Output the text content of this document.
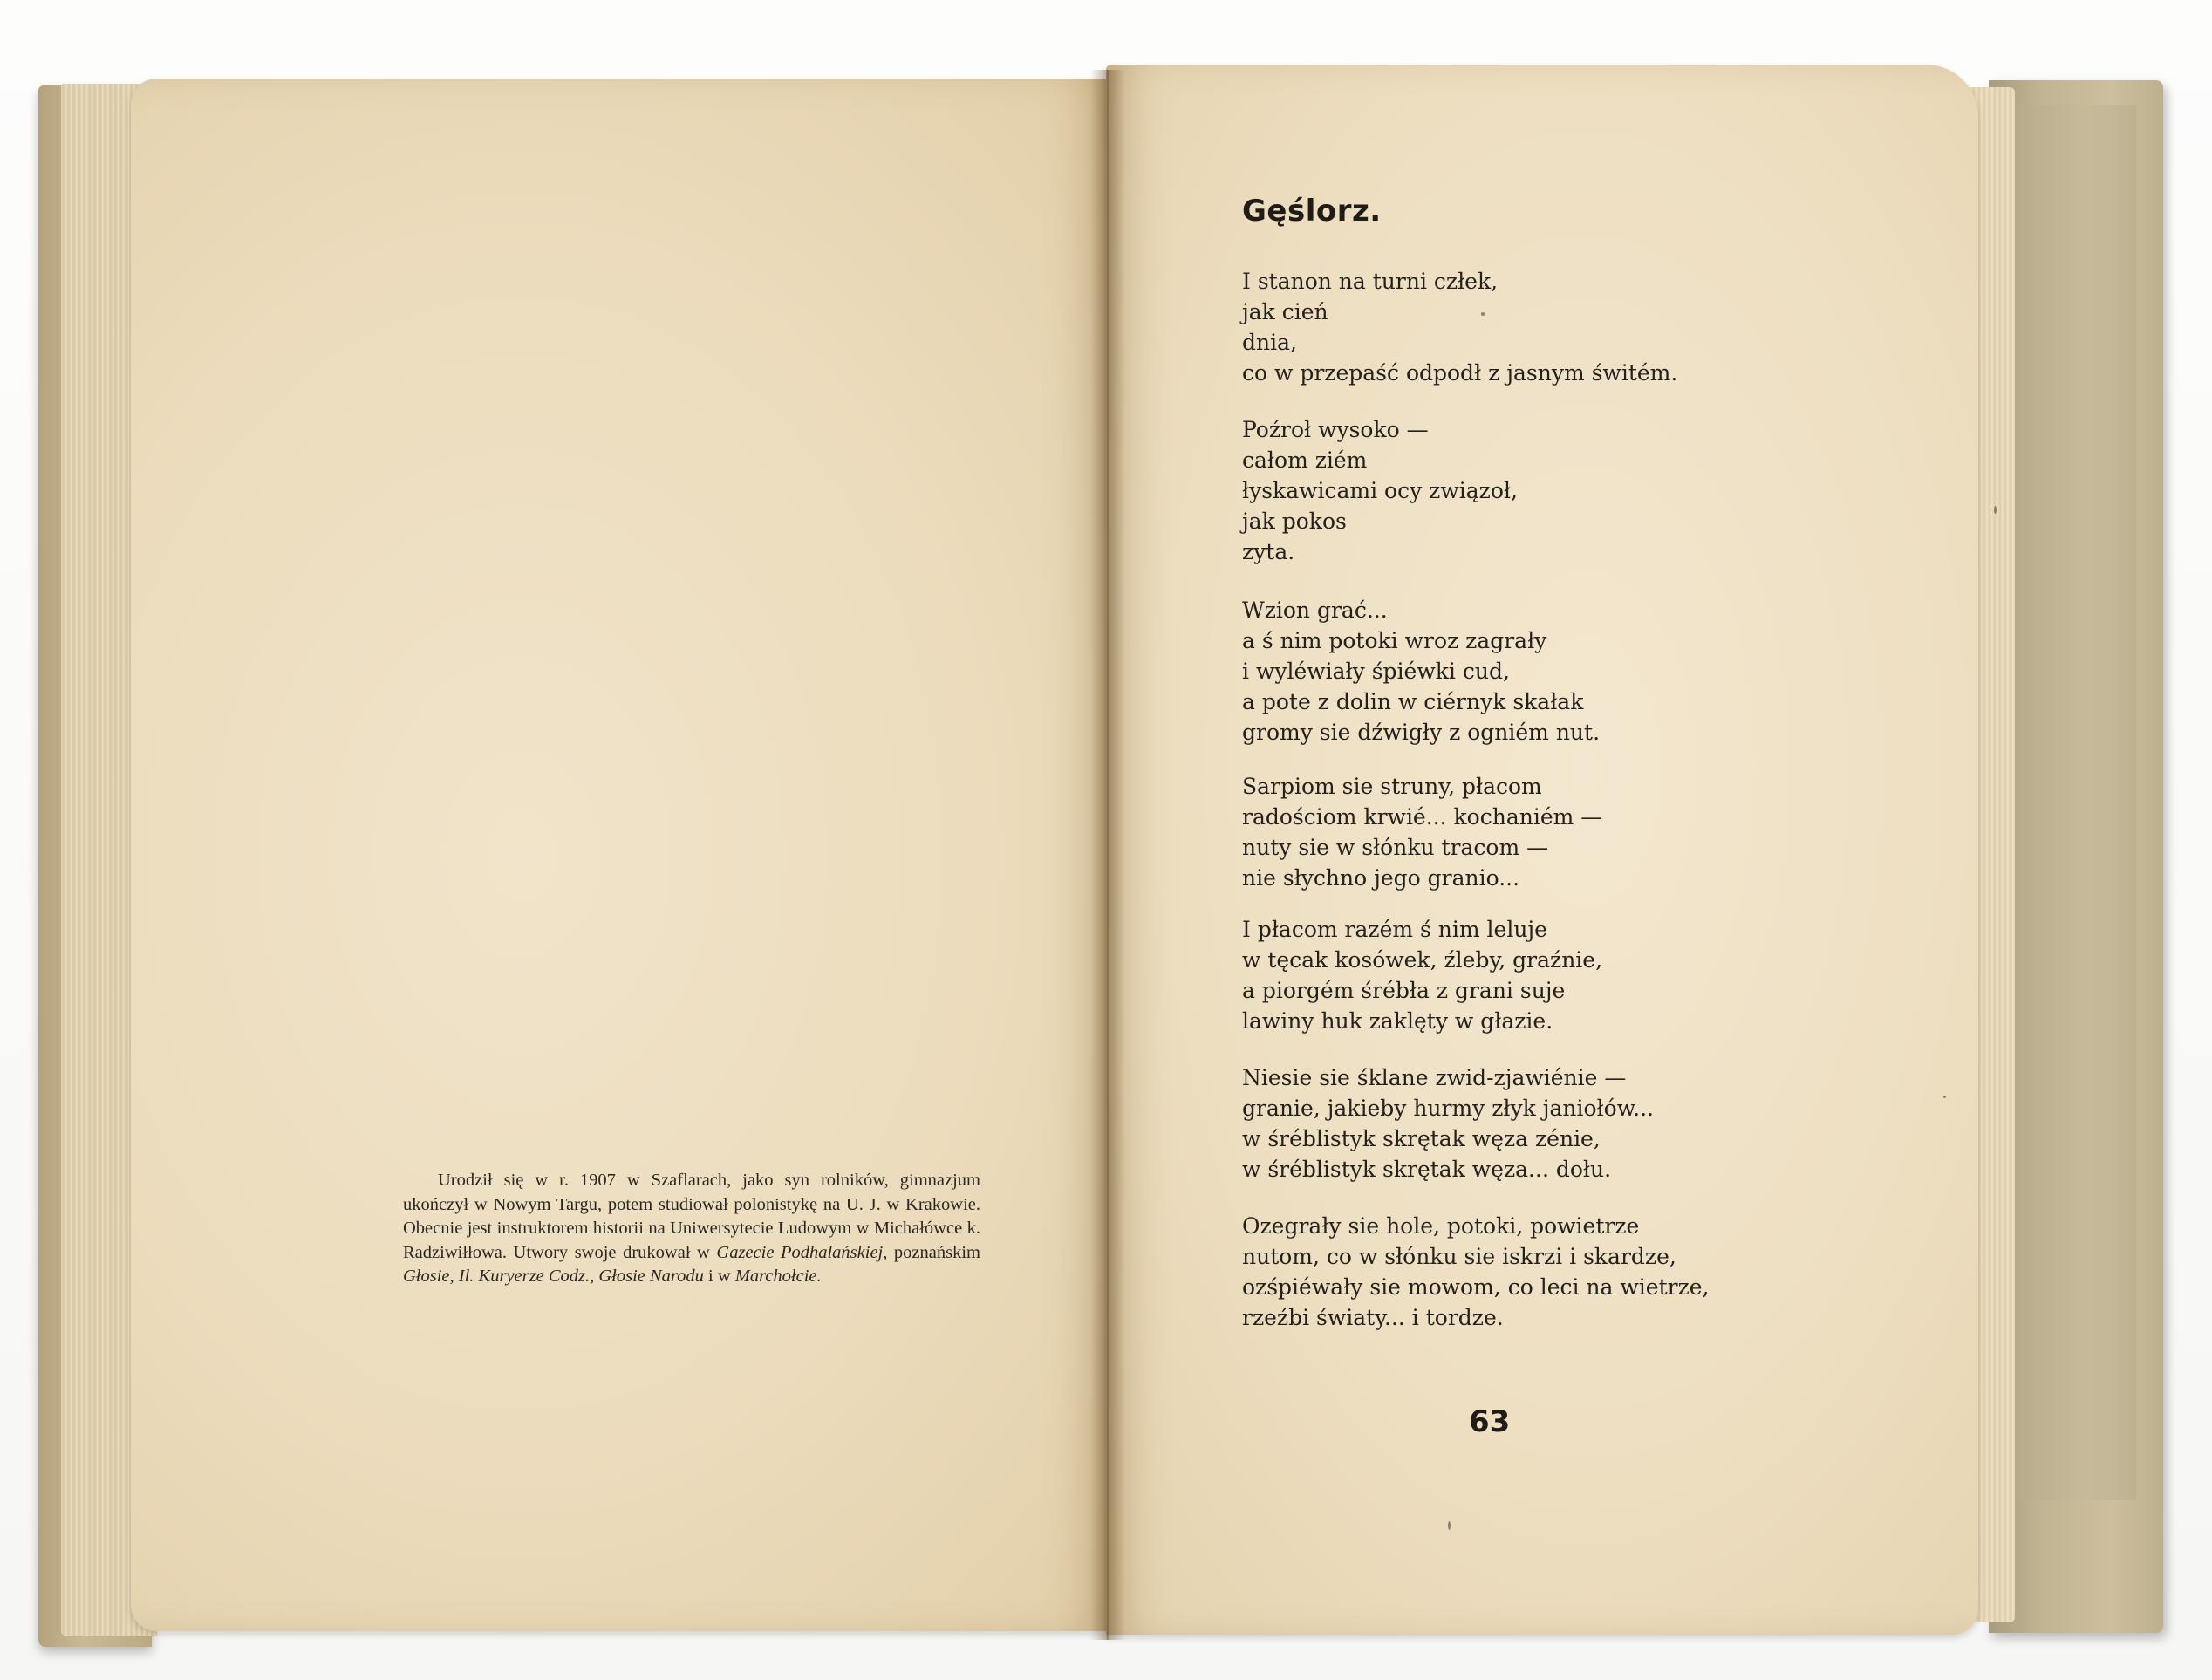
Urodził się w r. 1907 w Szaflarach, jako syn rolników, gimnazjum ukończył w Nowym Targu, potem studiował polonistykę na U. J. w Krakowie. Obecnie jest instruktorem historii na Uniwersytecie Ludowym w Michałówce k. Radziwiłłowa. Utwory swoje drukował w Gazecie Podhalańskiej, poznańskim Głosie, Il. Kuryerze Codz., Głosie Narodu i w Marchołcie.

Gęślorz.

I stanon na turni człek,
jak cień
dnia,
co w przepaść odpodł z jasnym świtém.

Poźroł wysoko —
całom ziém
łyskawicami ocy związoł,
jak pokos
zyta.

Wzion grać...
a ś nim potoki wroz zagrały
i wyléwiały śpiéwki cud,
a pote z dolin w ciérnyk skałak
gromy sie dźwigły z ogniém nut.

Sarpiom sie struny, płacom
radościom krwié... kochaniém —
nuty sie w słónku tracom —
nie słychno jego granio...

I płacom razém ś nim leluje
w tęcak kosówek, źleby, graźnie,
a piorgém śrébła z grani suje
lawiny huk zaklęty w głazie.

Niesie sie śklane zwid-zjawiénie —
granie, jakieby hurmy złyk janiołów...
w śréblistyk skrętak węza zénie,
w śréblistyk skrętak węza... dołu.

Ozegrały sie hole, potoki, powietrze
nutom, co w słónku sie iskrzi i skardze,
ozśpiéwały sie mowom, co leci na wietrze,
rzeźbi światy... i tordze.

63
